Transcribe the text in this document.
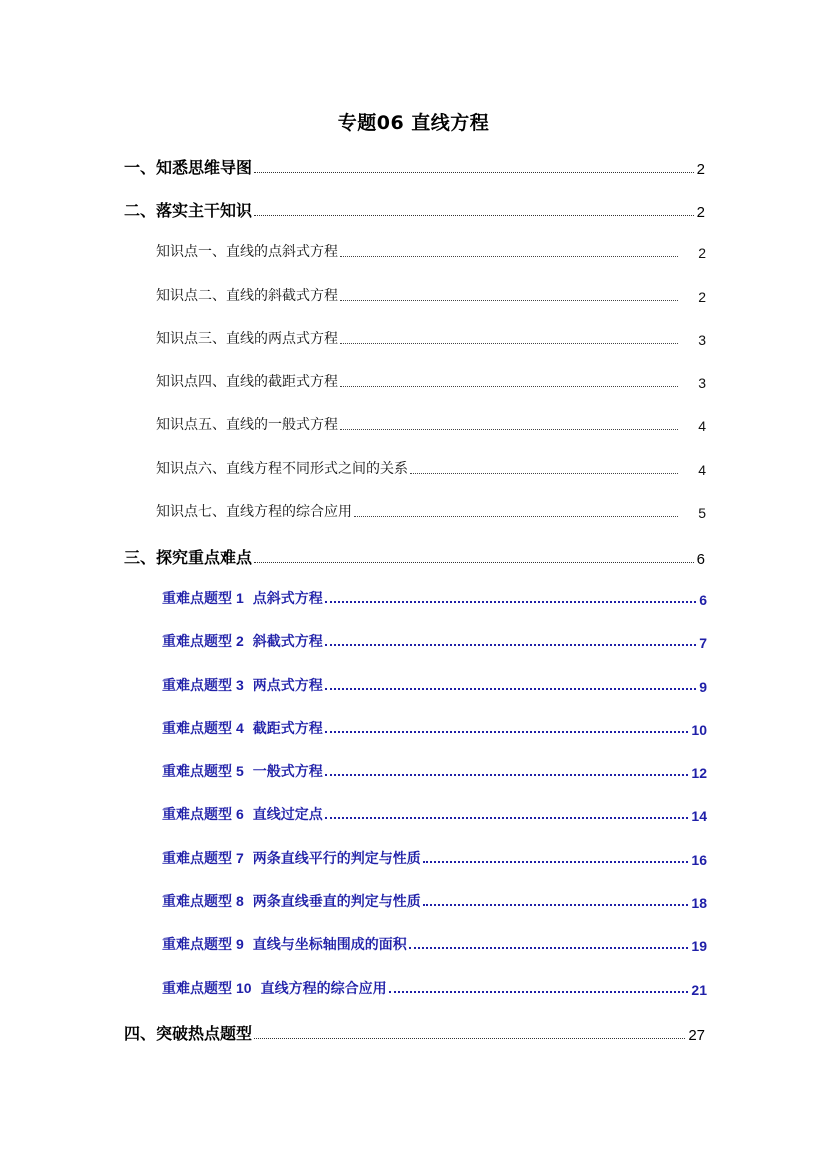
专题06 直线方程
一、知悉思维导图	2
二、落实主干知识	2
知识点一、直线的点斜式方程	2
知识点二、直线的斜截式方程	2
知识点三、直线的两点式方程	3
知识点四、直线的截距式方程	3
知识点五、直线的一般式方程	4
知识点六、直线方程不同形式之间的关系	4
知识点七、直线方程的综合应用	5
三、探究重点难点	6
重难点题型 1 点斜式方程	6
重难点题型 2 斜截式方程	7
重难点题型 3 两点式方程	9
重难点题型 4 截距式方程	10
重难点题型 5 一般式方程	12
重难点题型 6 直线过定点	14
重难点题型 7 两条直线平行的判定与性质	16
重难点题型 8 两条直线垂直的判定与性质	18
重难点题型 9 直线与坐标轴围成的面积	19
重难点题型 10 直线方程的综合应用	21
四、突破热点题型	27
